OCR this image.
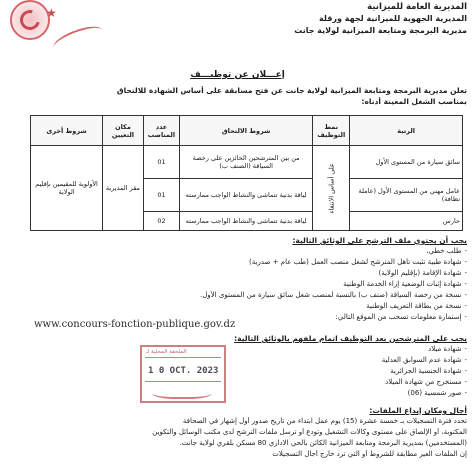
★	المديرية العامة للميزانية
المديرية الجهوية للميزانية لجهة ورقلة
مديرية البرمجة ومتابعة الميزانية لولاية جانت
إعـــلان عن توظيـــف
تعلن مديرية البرمجة ومتابعة الميزانية لولاية جانت عن فتح مسابقة على أساس الشهادة للالتحاق
بمناصب الشغل المعينة أدناه:
الرتبة	نمط التوظيف	شروط الالتحاق	عدد المناصب	مكان التعيين	شروط أخرى
سائق سيارة من المستوى الأول	على أساس الانتقاء	من بين المترشحين الحائزين على رخصة السياقة (الصنف ب)	01	مقر المديرية	الأولوية للمقيمين بإقليم الولاية
عامل مهني من المستوى الأول (عاملة نظافة)		لياقة بدنية تتماشى والنشاط الواجب ممارسته	01		
حارس		لياقة بدنية تتماشى والنشاط الواجب ممارسته	02		
يجب أن يحتوي ملف الترشح على الوثائق التالية:
-طلب خطي،
-شهادة طبية تثبت تأهل المترشح لشغل منصب العمل (طب عام + صدرية)
-شهادة الإقامة (بإقليم الولاية)
-شهادة إثبات الوضعية إزاء الخدمة الوطنية
-نسخة من رخصة السياقة (صنف ب) بالنسبة لمنصب شغل سائق سيارة من المستوى الأول.
-نسخة من بطاقة التعريف الوطنية
-إستمارة معلومات تسحب من الموقع التالي:
www.concours-fonction-publique.gov.dz
يجب على المترشحين بعد التوظيف اتمام ملفهم بالوثائق التالية:
-شهادة ميلاد
-شهادة عدم السوابق العدلية
-شهادة الجنسية الجزائرية
-مستخرج من شهادة الميلاد
-صور شمسية (06)
أجال ومكان إيداع الملفات:
تحدد فترة التسجيلات بـ خمسة عشرة (15) يوم عمل ابتداء من تاريخ صدور أول إشهار في الصحافة
المكتوبة، أو الإلصاق على مستوى وكالات التشغيل وتودع أو ترسل ملفات الترشح لدى مكتب الوسائل والتكوين
(المستخدمين) بمديرية البرمجة ومتابعة الميزانية الكائن بالحي الاداري 80 مسكن بلقري لولاية جانت.
إن الملفات الغير مطابقة للشروط أو التي ترد خارج أجال التسجيلات
الملحقة المحلية لـ
1 0 OCT. 2023
